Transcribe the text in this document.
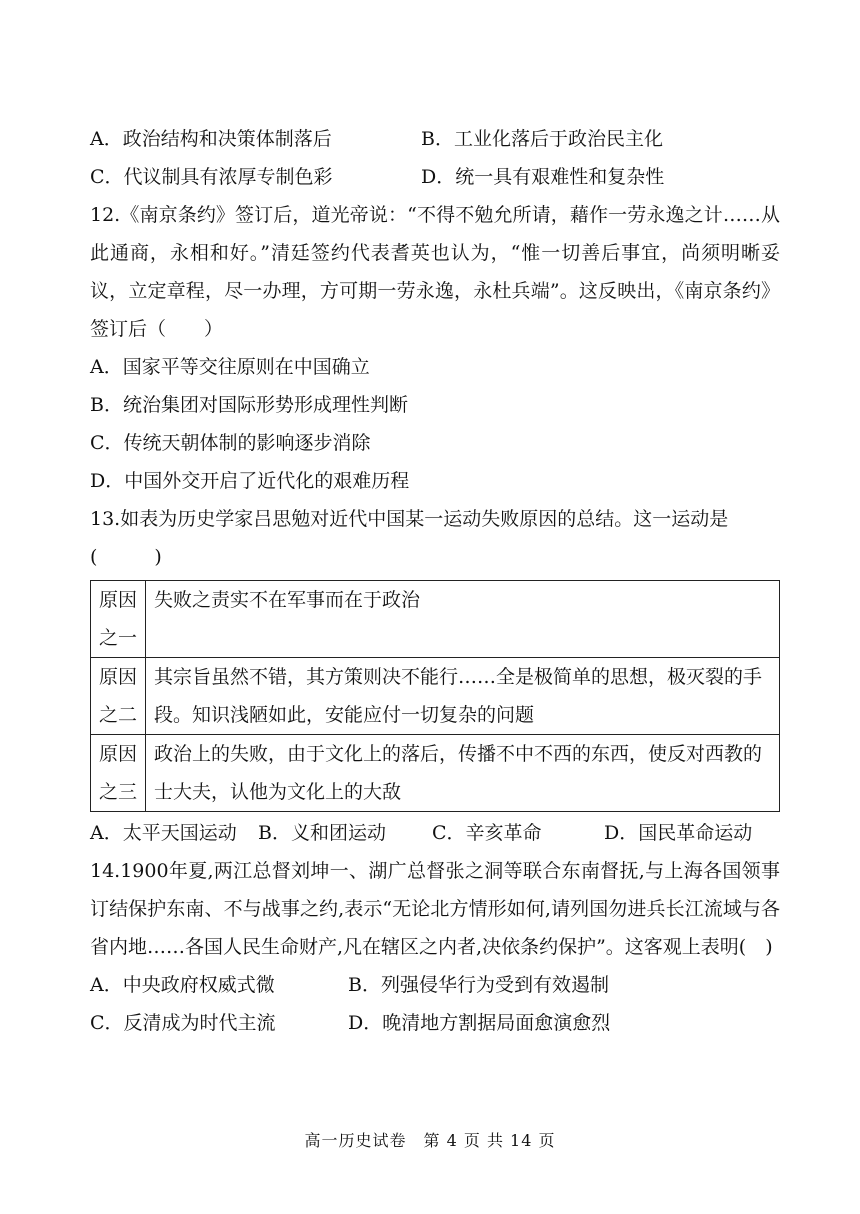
A．政治结构和决策体制落后	B．工业化落后于政治民主化
C．代议制具有浓厚专制色彩	D．统一具有艰难性和复杂性
12.《南京条约》签订后，道光帝说：“不得不勉允所请，藉作一劳永逸之计……从此通商，永相和好。”清廷签约代表耆英也认为，“惟一切善后事宜，尚须明晰妥议，立定章程，尽一办理，方可期一劳永逸，永杜兵端”。这反映出，《南京条约》签订后（　　）
A．国家平等交往原则在中国确立
B．统治集团对国际形势形成理性判断
C．传统天朝体制的影响逐步消除
D．中国外交开启了近代化的艰难历程
13.如表为历史学家吕思勉对近代中国某一运动失败原因的总结。这一运动是
(　　　)
原因之一	失败之责实不在军事而在于政治
原因之二	其宗旨虽然不错，其方策则决不能行……全是极简单的思想，极灭裂的手段。知识浅陋如此，安能应付一切复杂的问题
原因之三	政治上的失败，由于文化上的落后，传播不中不西的东西，使反对西教的士大夫，认他为文化上的大敌
A．太平天国运动	B．义和团运动	C．辛亥革命	D．国民革命运动
14.1900年夏,两江总督刘坤一、湖广总督张之洞等联合东南督抚,与上海各国领事订结保护东南、不与战事之约,表示“无论北方情形如何,请列国勿进兵长江流域与各省内地……各国人民生命财产,凡在辖区之内者,决依条约保护”。这客观上表明(　)
A．中央政府权威式微	B．列强侵华行为受到有效遏制
C．反清成为时代主流	D．晚清地方割据局面愈演愈烈
高一历史试卷　第 4 页 共 14 页
